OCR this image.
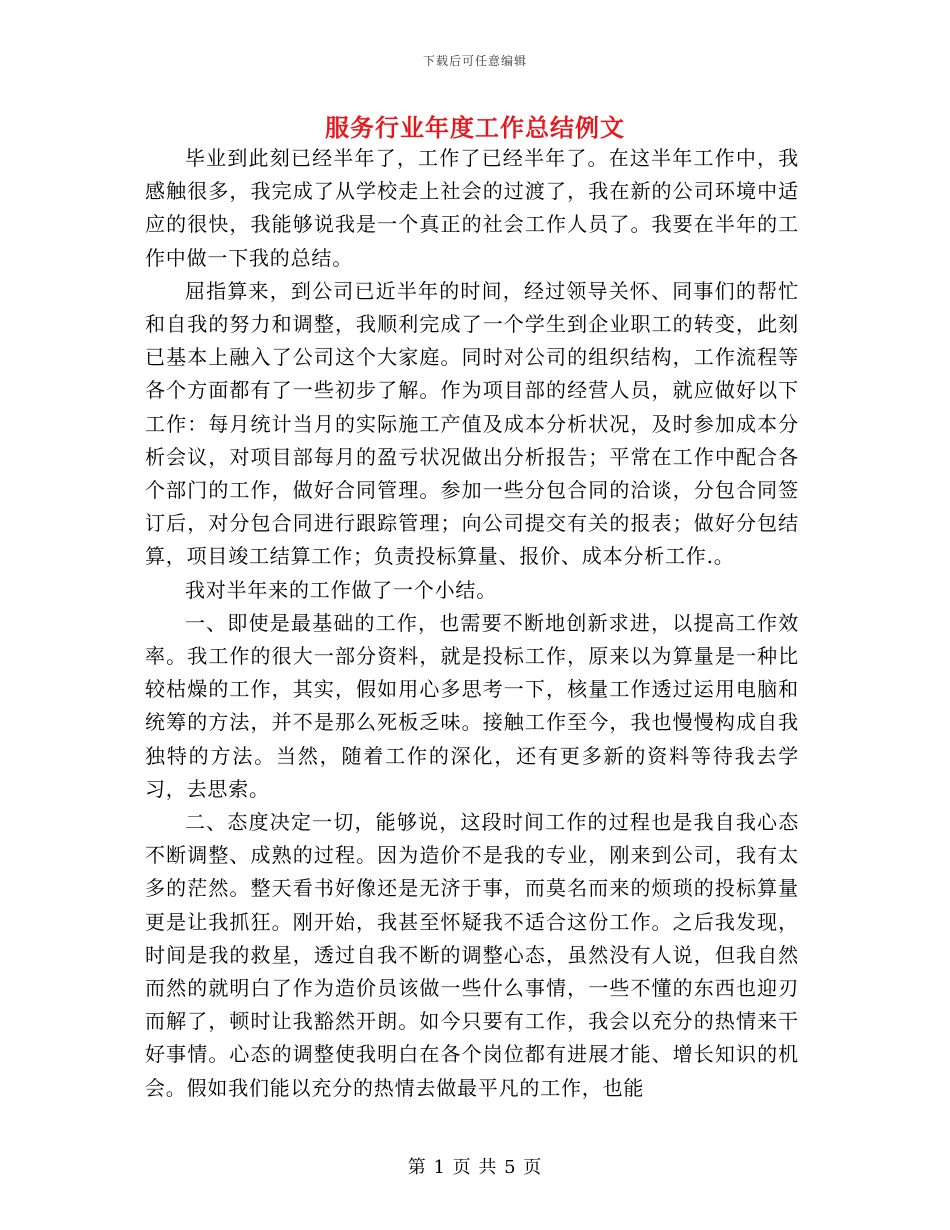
下载后可任意编辑
服务行业年度工作总结例文

毕业到此刻已经半年了，工作了已经半年了。在这半年工作中，我感触很多，我完成了从学校走上社会的过渡了，我在新的公司环境中适应的很快，我能够说我是一个真正的社会工作人员了。我要在半年的工作中做一下我的总结。

屈指算来，到公司已近半年的时间，经过领导关怀、同事们的帮忙和自我的努力和调整，我顺利完成了一个学生到企业职工的转变，此刻已基本上融入了公司这个大家庭。同时对公司的组织结构，工作流程等各个方面都有了一些初步了解。作为项目部的经营人员，就应做好以下工作：每月统计当月的实际施工产值及成本分析状况，及时参加成本分析会议，对项目部每月的盈亏状况做出分析报告；平常在工作中配合各个部门的工作，做好合同管理。参加一些分包合同的洽谈，分包合同签订后，对分包合同进行跟踪管理；向公司提交有关的报表；做好分包结算，项目竣工结算工作；负责投标算量、报价、成本分析工作.。

我对半年来的工作做了一个小结。

一、即使是最基础的工作，也需要不断地创新求进，以提高工作效率。我工作的很大一部分资料，就是投标工作，原来以为算量是一种比较枯燥的工作，其实，假如用心多思考一下，核量工作透过运用电脑和统筹的方法，并不是那么死板乏味。接触工作至今，我也慢慢构成自我独特的方法。当然，随着工作的深化，还有更多新的资料等待我去学习，去思索。

二、态度决定一切，能够说，这段时间工作的过程也是我自我心态不断调整、成熟的过程。因为造价不是我的专业，刚来到公司，我有太多的茫然。整天看书好像还是无济于事，而莫名而来的烦琐的投标算量更是让我抓狂。刚开始，我甚至怀疑我不适合这份工作。之后我发现，时间是我的救星，透过自我不断的调整心态，虽然没有人说，但我自然而然的就明白了作为造价员该做一些什么事情，一些不懂的东西也迎刃而解了，顿时让我豁然开朗。如今只要有工作，我会以充分的热情来干好事情。心态的调整使我明白在各个岗位都有进展才能、增长知识的机会。假如我们能以充分的热情去做最平凡的工作，也能

第 1 页 共 5 页
